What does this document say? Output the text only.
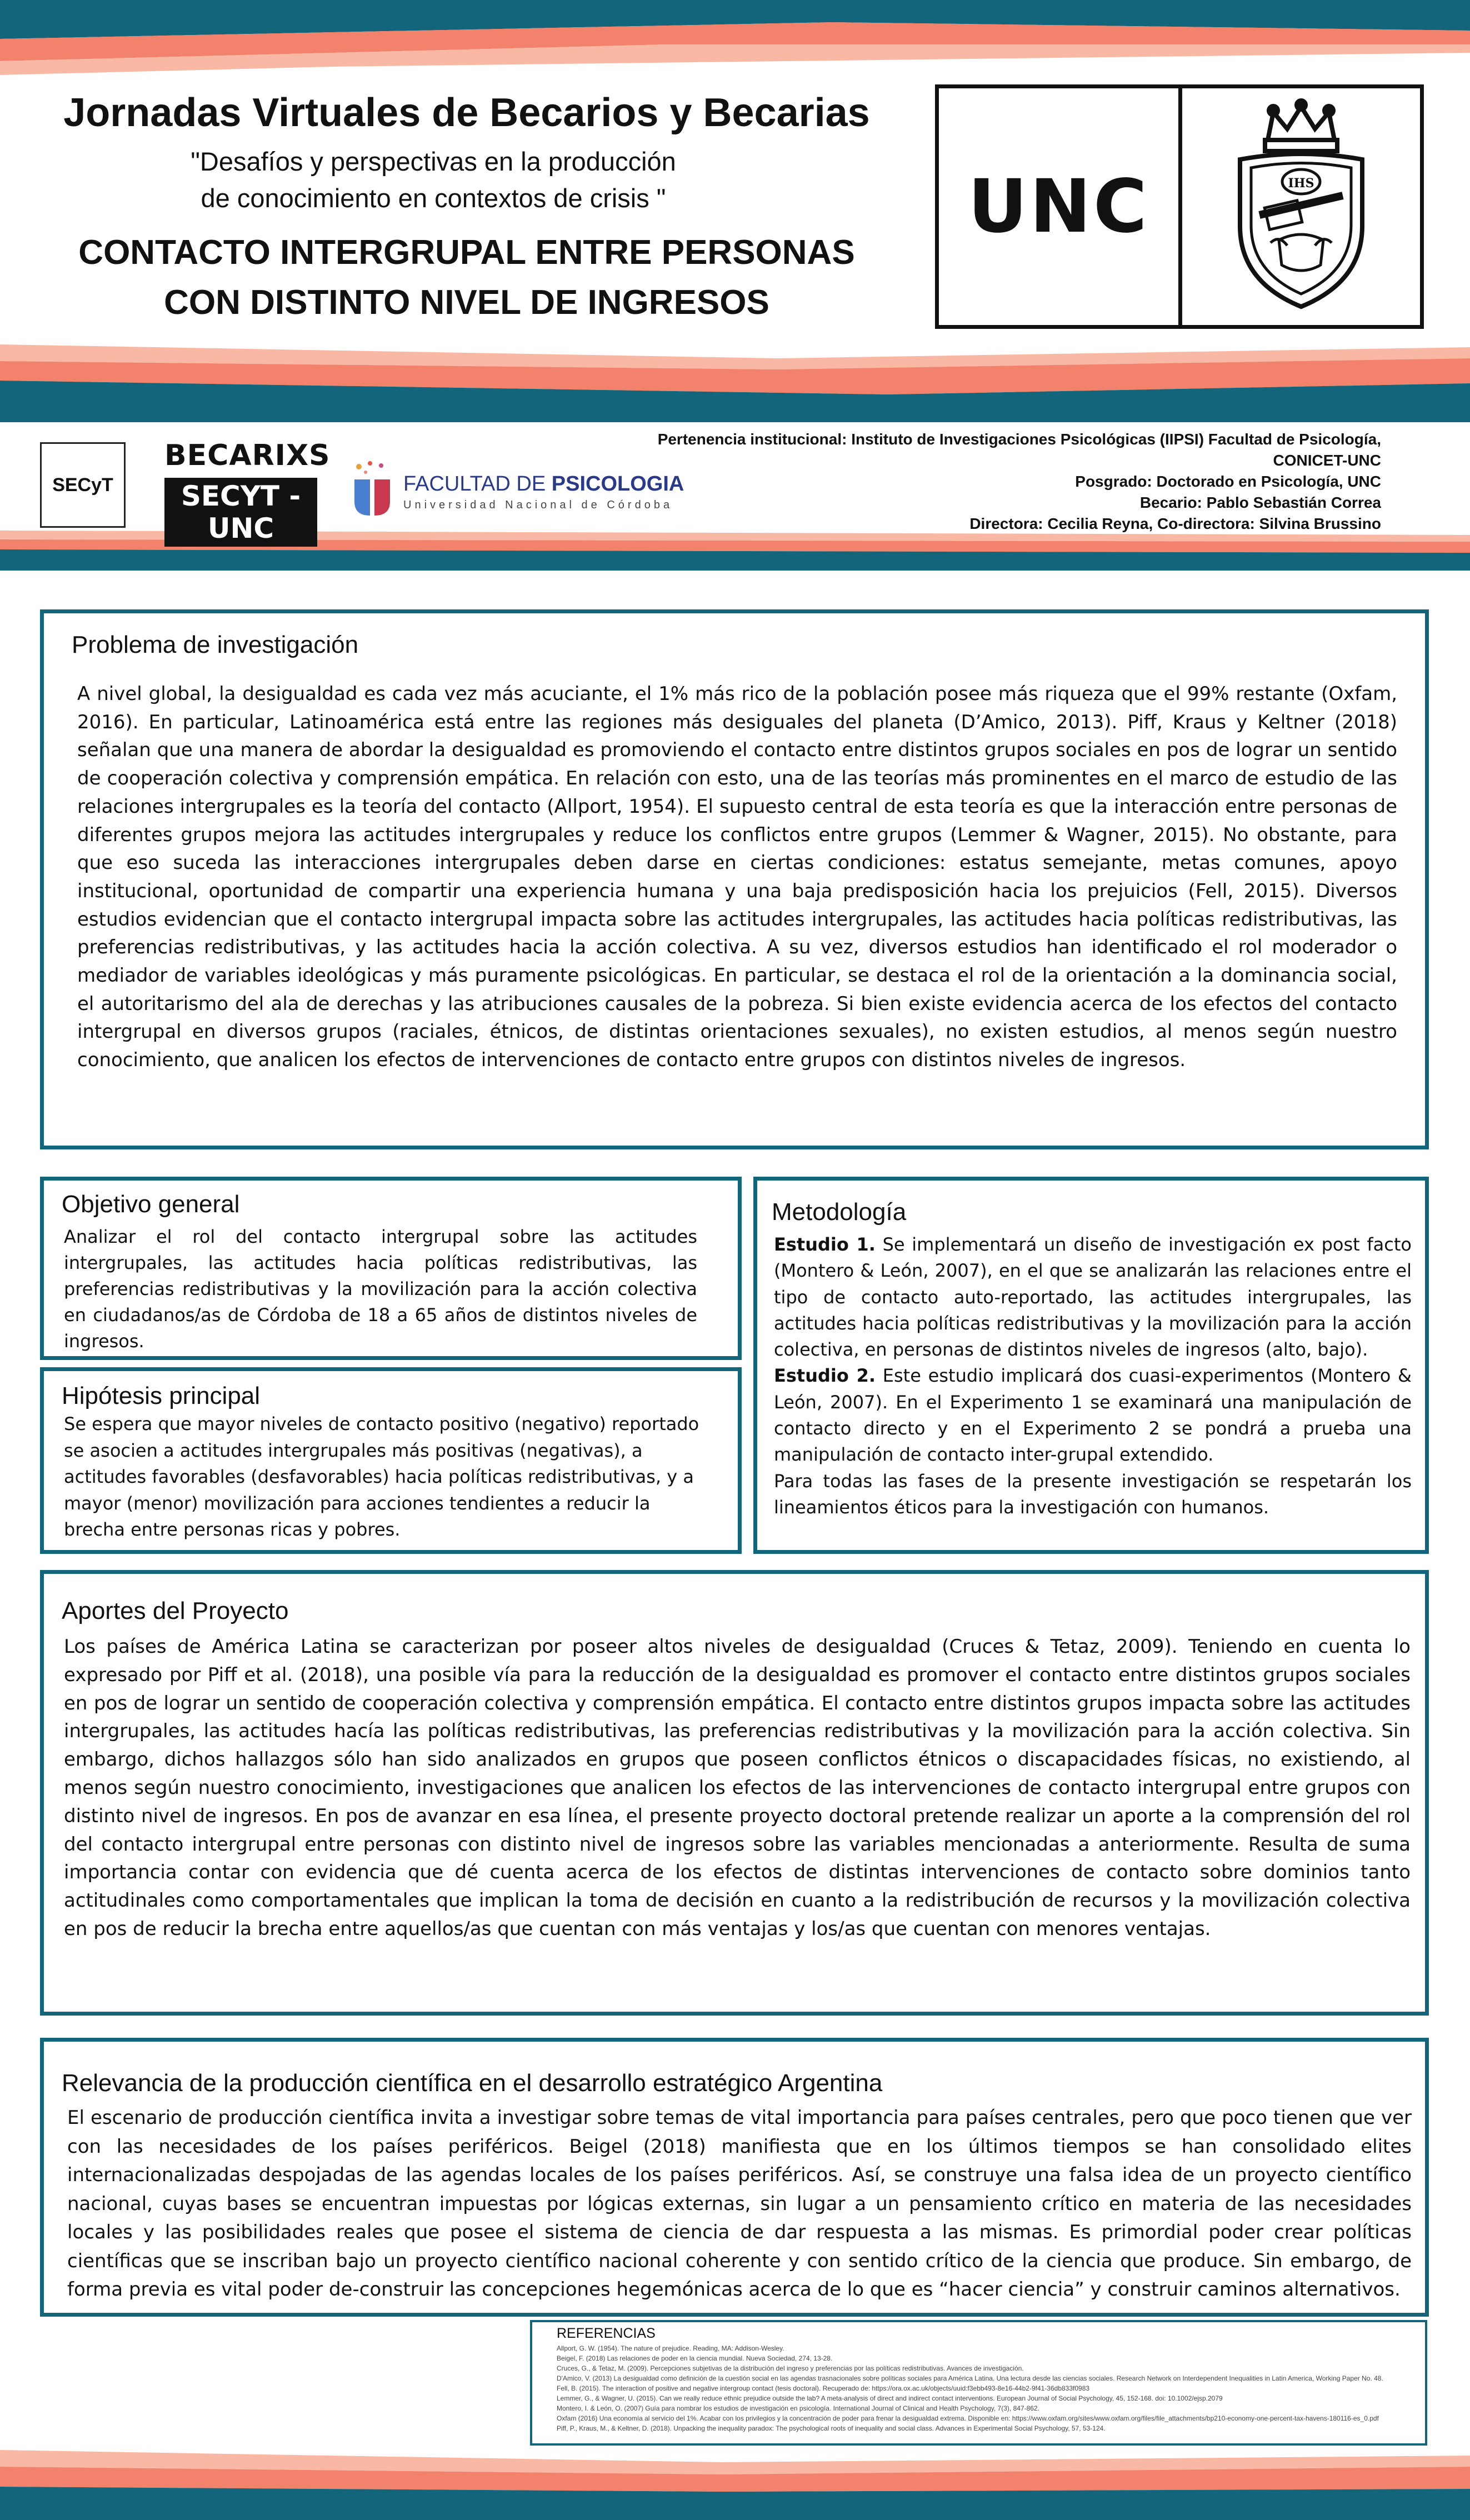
Jornadas Virtuales de Becarios y Becarias
"Desafíos y perspectivas en la producción
de conocimiento en contextos de crisis "
CONTACTO INTERGRUPAL ENTRE PERSONAS
CON DISTINTO NIVEL DE INGRESOS
UNC	IHS
SECyT
BECARIXS
SECYT -UNC
FACULTAD DE PSICOLOGIA
Universidad Nacional de Córdoba
Pertenencia institucional: Instituto de Investigaciones Psicológicas (IIPSI) Facultad de Psicología,
CONICET-UNC
Posgrado: Doctorado en Psicología, UNC
Becario: Pablo Sebastián Correa
Directora: Cecilia Reyna, Co-directora: Silvina Brussino
Problema de investigación
A nivel global, la desigualdad es cada vez más acuciante, el 1% más rico de la población posee más riqueza que el 99% restante (Oxfam, 2016). En particular, Latinoamérica está entre las regiones más desiguales del planeta (D’Amico, 2013). Piff, Kraus y Keltner (2018) señalan que una manera de abordar la desigualdad es promoviendo el contacto entre distintos grupos sociales en pos de lograr un sentido de cooperación colectiva y comprensión empática. En relación con esto, una de las teorías más prominentes en el marco de estudio de las relaciones intergrupales es la teoría del contacto (Allport, 1954). El supuesto central de esta teoría es que la interacción entre personas de diferentes grupos mejora las actitudes intergrupales y reduce los conflictos entre grupos (Lemmer & Wagner, 2015). No obstante, para que eso suceda las interacciones intergrupales deben darse en ciertas condiciones: estatus semejante, metas comunes, apoyo institucional, oportunidad de compartir una experiencia humana y una baja predisposición hacia los prejuicios (Fell, 2015). Diversos estudios evidencian que el contacto intergrupal impacta sobre las actitudes intergrupales, las actitudes hacia políticas redistributivas, las preferencias redistributivas, y las actitudes hacia la acción colectiva. A su vez, diversos estudios han identificado el rol moderador o mediador de variables ideológicas y más puramente psicológicas. En particular, se destaca el rol de la orientación a la dominancia social, el autoritarismo del ala de derechas y las atribuciones causales de la pobreza. Si bien existe evidencia acerca de los efectos del contacto intergrupal en diversos grupos (raciales, étnicos, de distintas orientaciones sexuales), no existen estudios, al menos según nuestro conocimiento, que analicen los efectos de intervenciones de contacto entre grupos con distintos niveles de ingresos.
Objetivo general
Analizar el rol del contacto intergrupal sobre las actitudes intergrupales, las actitudes hacia políticas redistributivas, las preferencias redistributivas y la movilización para la acción colectiva en ciudadanos/as de Córdoba de 18 a 65 años de distintos niveles de ingresos.
Hipótesis principal
Se espera que mayor niveles de contacto positivo (negativo) reportado se asocien a actitudes intergrupales más positivas (negativas), a actitudes favorables (desfavorables) hacia políticas redistributivas, y a mayor (menor) movilización para acciones tendientes a reducir la brecha entre personas ricas y pobres.
Metodología
Estudio 1. Se implementará un diseño de investigación ex post facto (Montero & León, 2007), en el que se analizarán las relaciones entre el tipo de contacto auto-reportado, las actitudes intergrupales, las actitudes hacia políticas redistributivas y la movilización para la acción colectiva, en personas de distintos niveles de ingresos (alto, bajo).
Estudio 2. Este estudio implicará dos cuasi-experimentos (Montero & León, 2007). En el Experimento 1 se examinará una manipulación de contacto directo y en el Experimento 2 se pondrá a prueba una manipulación de contacto inter-grupal extendido.
Para todas las fases de la presente investigación se respetarán los lineamientos éticos para la investigación con humanos.
Aportes del Proyecto
Los países de América Latina se caracterizan por poseer altos niveles de desigualdad (Cruces & Tetaz, 2009). Teniendo en cuenta lo expresado por Piff et al. (2018), una posible vía para la reducción de la desigualdad es promover el contacto entre distintos grupos sociales en pos de lograr un sentido de cooperación colectiva y comprensión empática. El contacto entre distintos grupos impacta sobre las actitudes intergrupales, las actitudes hacía las políticas redistributivas, las preferencias redistributivas y la movilización para la acción colectiva. Sin embargo, dichos hallazgos sólo han sido analizados en grupos que poseen conflictos étnicos o discapacidades físicas, no existiendo, al menos según nuestro conocimiento, investigaciones que analicen los efectos de las intervenciones de contacto intergrupal entre grupos con distinto nivel de ingresos. En pos de avanzar en esa línea, el presente proyecto doctoral pretende realizar un aporte a la comprensión del rol del contacto intergrupal entre personas con distinto nivel de ingresos sobre las variables mencionadas a anteriormente. Resulta de suma importancia contar con evidencia que dé cuenta acerca de los efectos de distintas intervenciones de contacto sobre dominios tanto actitudinales como comportamentales que implican la toma de decisión en cuanto a la redistribución de recursos y la movilización colectiva en pos de reducir la brecha entre aquellos/as que cuentan con más ventajas y los/as que cuentan con menores ventajas.
Relevancia de la producción científica en el desarrollo estratégico Argentina
El escenario de producción científica invita a investigar sobre temas de vital importancia para países centrales, pero que poco tienen que ver con las necesidades de los países periféricos. Beigel (2018) manifiesta que en los últimos tiempos se han consolidado elites internacionalizadas despojadas de las agendas locales de los países periféricos. Así, se construye una falsa idea de un proyecto científico nacional, cuyas bases se encuentran impuestas por lógicas externas, sin lugar a un pensamiento crítico en materia de las necesidades locales y las posibilidades reales que posee el sistema de ciencia de dar respuesta a las mismas. Es primordial poder crear políticas científicas que se inscriban bajo un proyecto científico nacional coherente y con sentido crítico de la ciencia que produce. Sin embargo, de forma previa es vital poder de-construir las concepciones hegemónicas acerca de lo que es “hacer ciencia” y construir caminos alternativos.
REFERENCIAS
Allport, G. W. (1954). The nature of prejudice. Reading, MA: Addison-Wesley.
Beigel, F. (2018) Las relaciones de poder en la ciencia mundial. Nueva Sociedad, 274, 13-28.
Cruces, G., & Tetaz, M. (2009). Percepciones subjetivas de la distribución del ingreso y preferencias por las políticas redistributivas. Avances de investigación.
D'Amico, V. (2013) La desigualdad como definición de la cuestión social en las agendas trasnacionales sobre políticas sociales para América Latina. Una lectura desde las ciencias sociales. Research Network on Interdependent Inequalities in Latin America, Working Paper No. 48.
Fell, B. (2015). The interaction of positive and negative intergroup contact (tesis doctoral). Recuperado de: https://ora.ox.ac.uk/objects/uuid:f3ebb493-8e16-44b2-9f41-36db833f0983
Lemmer, G., & Wagner, U. (2015). Can we really reduce ethnic prejudice outside the lab? A meta-analysis of direct and indirect contact interventions. European Journal of Social Psychology, 45, 152-168. doi: 10.1002/ejsp.2079
Montero, I. & León, O. (2007) Guía para nombrar los estudios de investigación en psicología. International Journal of Clinical and Health Psychology, 7(3), 847-862.
Oxfam (2016) Una economía al servicio del 1%. Acabar con los privilegios y la concentración de poder para frenar la desigualdad extrema. Disponible en: https://www.oxfam.org/sites/www.oxfam.org/files/file_attachments/bp210-economy-one-percent-tax-havens-180116-es_0.pdf
Piff, P., Kraus, M., & Keltner, D. (2018). Unpacking the inequality paradox: The psychological roots of inequality and social class. Advances in Experimental Social Psychology, 57, 53-124.
